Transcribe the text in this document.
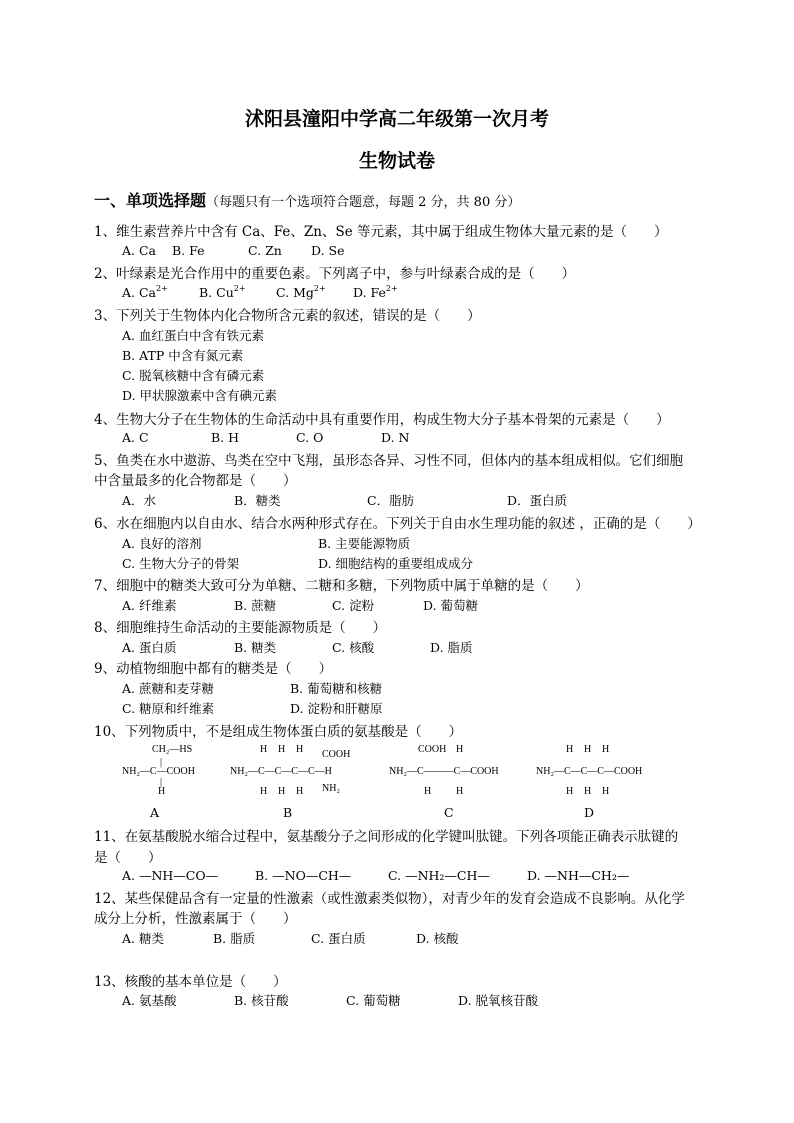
沭阳县潼阳中学高二年级第一次月考
生物试卷
一、单项选择题（每题只有一个选项符合题意，每题 2 分，共 80 分）
1、维生素营养片中含有 Ca、Fe、Zn、Se 等元素，其中属于组成生物体大量元素的是（　　）
A. Ca B. Fe	C. Zn D. Se
2、叶绿素是光合作用中的重要色素。下列离子中，参与叶绿素合成的是（　　）
A. $Ca^{2+}$ B. $Cu^{2+}$ C. $Mg^{2+}$ D. $Fe^{2+}$
3、下列关于生物体内化合物所含元素的叙述，错误的是（　　）
A. 血红蛋白中含有铁元素
B. ATP 中含有氮元素
C. 脱氧核糖中含有磷元素
D. 甲状腺激素中含有碘元素
4、生物大分子在生物体的生命活动中具有重要作用，构成生物大分子基本骨架的元素是（　　）
A. C	B. H	C. O	D. N
5、鱼类在水中遨游、鸟类在空中飞翔，虽形态各异、习性不同，但体内的基本组成相似。它们细胞
中含量最多的化合物都是（　　）
A．水	B．糖类	C．脂肪	D．蛋白质
6、水在细胞内以自由水、结合水两种形式存在。下列关于自由水生理功能的叙述 ，正确的是（　　）
A. 良好的溶剂	B. 主要能源物质
C. 生物大分子的骨架	D. 细胞结构的重要组成成分
7、细胞中的糖类大致可分为单糖、二糖和多糖，下列物质中属于单糖的是（　　）
A. 纤维素	B. 蔗糖	C. 淀粉	D. 葡萄糖
8、细胞维持生命活动的主要能源物质是（　　）
A. 蛋白质	B. 糖类	C. 核酸	D. 脂质
9、动植物细胞中都有的糖类是（　　）
A. 蔗糖和麦芽糖	B. 葡萄糖和核糖
C. 糖原和纤维素	D. 淀粉和肝糖原
10、下列物质中，不是组成生物体蛋白质的氨基酸是（　　）
CH₂—HS
|
NH₂—C—COOH
|
H
H H H COOH
NH₂—C—C—C—C—H
H H H NH₂
COOH H
NH₂—C———C—COOH
H H
H H H
NH₂—C—C—C—COOH
H H H
A	B	C	D
11、在氨基酸脱水缩合过程中，氨基酸分子之间形成的化学键叫肽键。下列各项能正确表示肽键的
是（　　）
A. —NH—CO—	B. —NO—CH—	C. —NH₂—CH—	D. —NH—CH₂—
12、某些保健品含有一定量的性激素（或性激素类似物），对青少年的发育会造成不良影响。从化学
成分上分析，性激素属于（　　）
A. 糖类	B. 脂质	C. 蛋白质	D. 核酸
13、核酸的基本单位是（　　）
A. 氨基酸	B. 核苷酸	C. 葡萄糖	D. 脱氧核苷酸
